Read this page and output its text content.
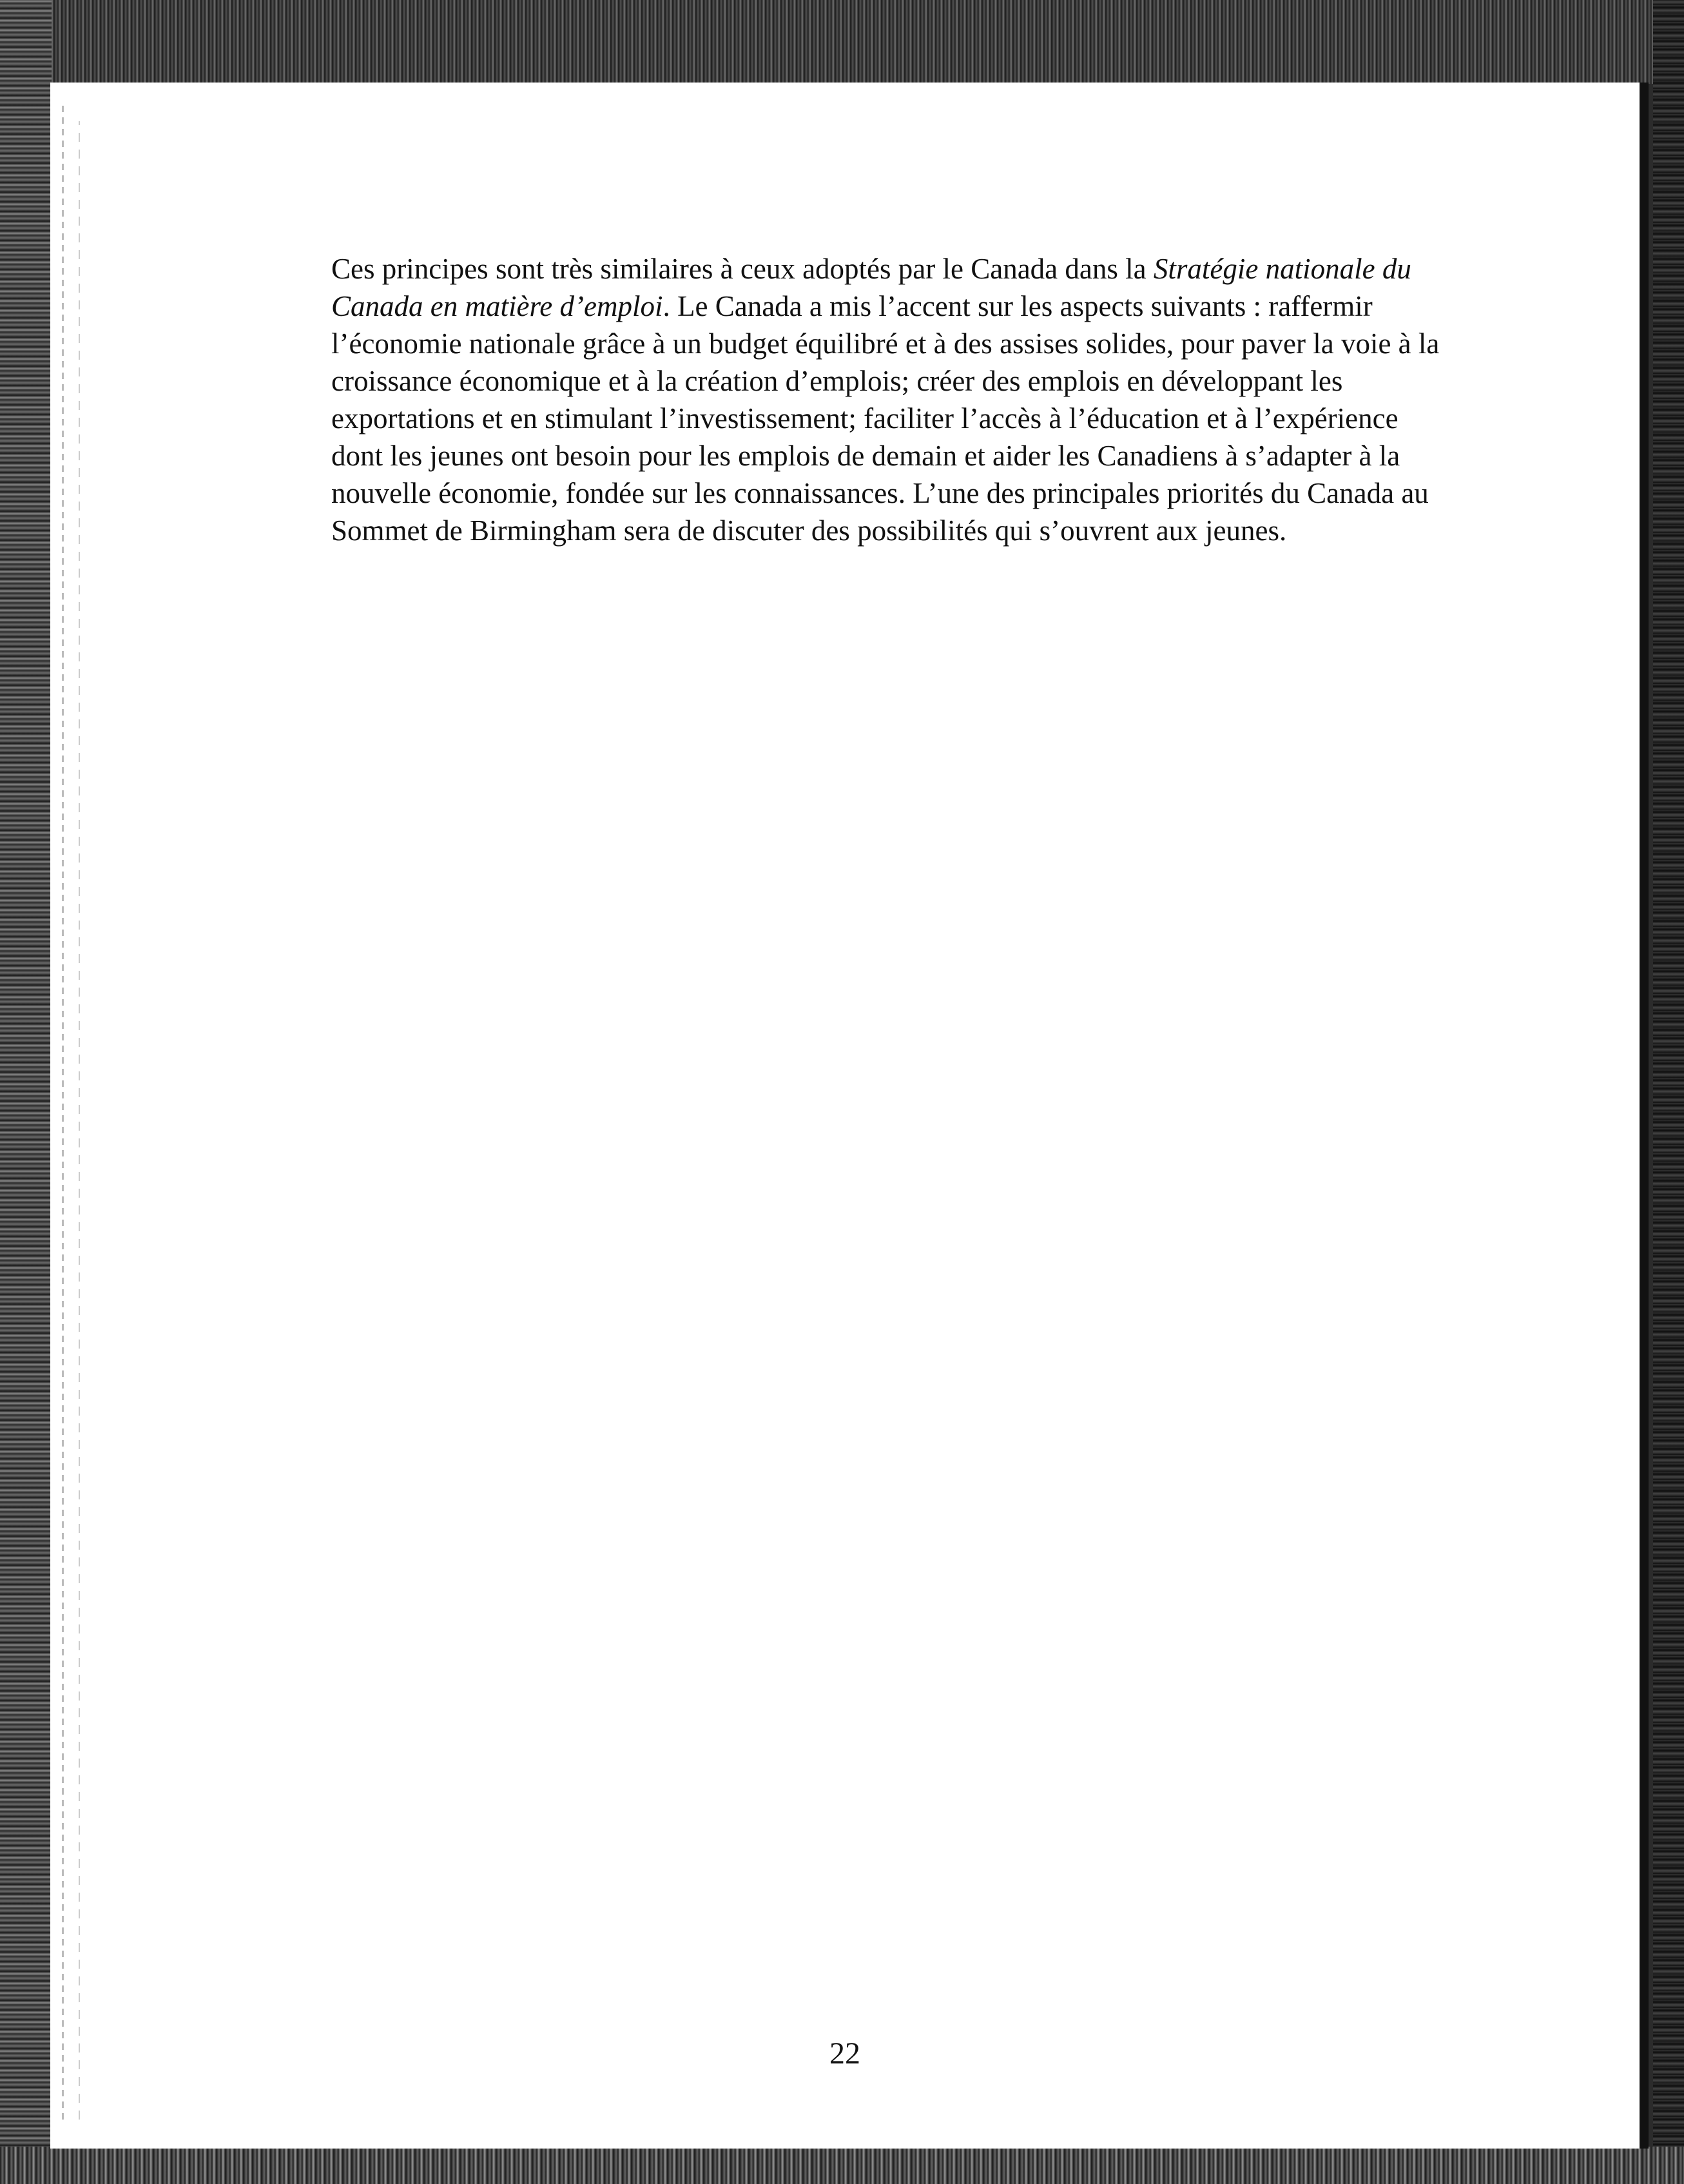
Ces principes sont très similaires à ceux adoptés par le Canada dans la Stratégie nationale du Canada en matière d’emploi. Le Canada a mis l’accent sur les aspects suivants : raffermir l’économie nationale grâce à un budget équilibré et à des assises solides, pour paver la voie à la croissance économique et à la création d’emplois; créer des emplois en développant les exportations et en stimulant l’investissement; faciliter l’accès à l’éducation et à l’expérience dont les jeunes ont besoin pour les emplois de demain et aider les Canadiens à s’adapter à la nouvelle économie, fondée sur les connaissances. L’une des principales priorités du Canada au Sommet de Birmingham sera de discuter des possibilités qui s’ouvrent aux jeunes.

22
